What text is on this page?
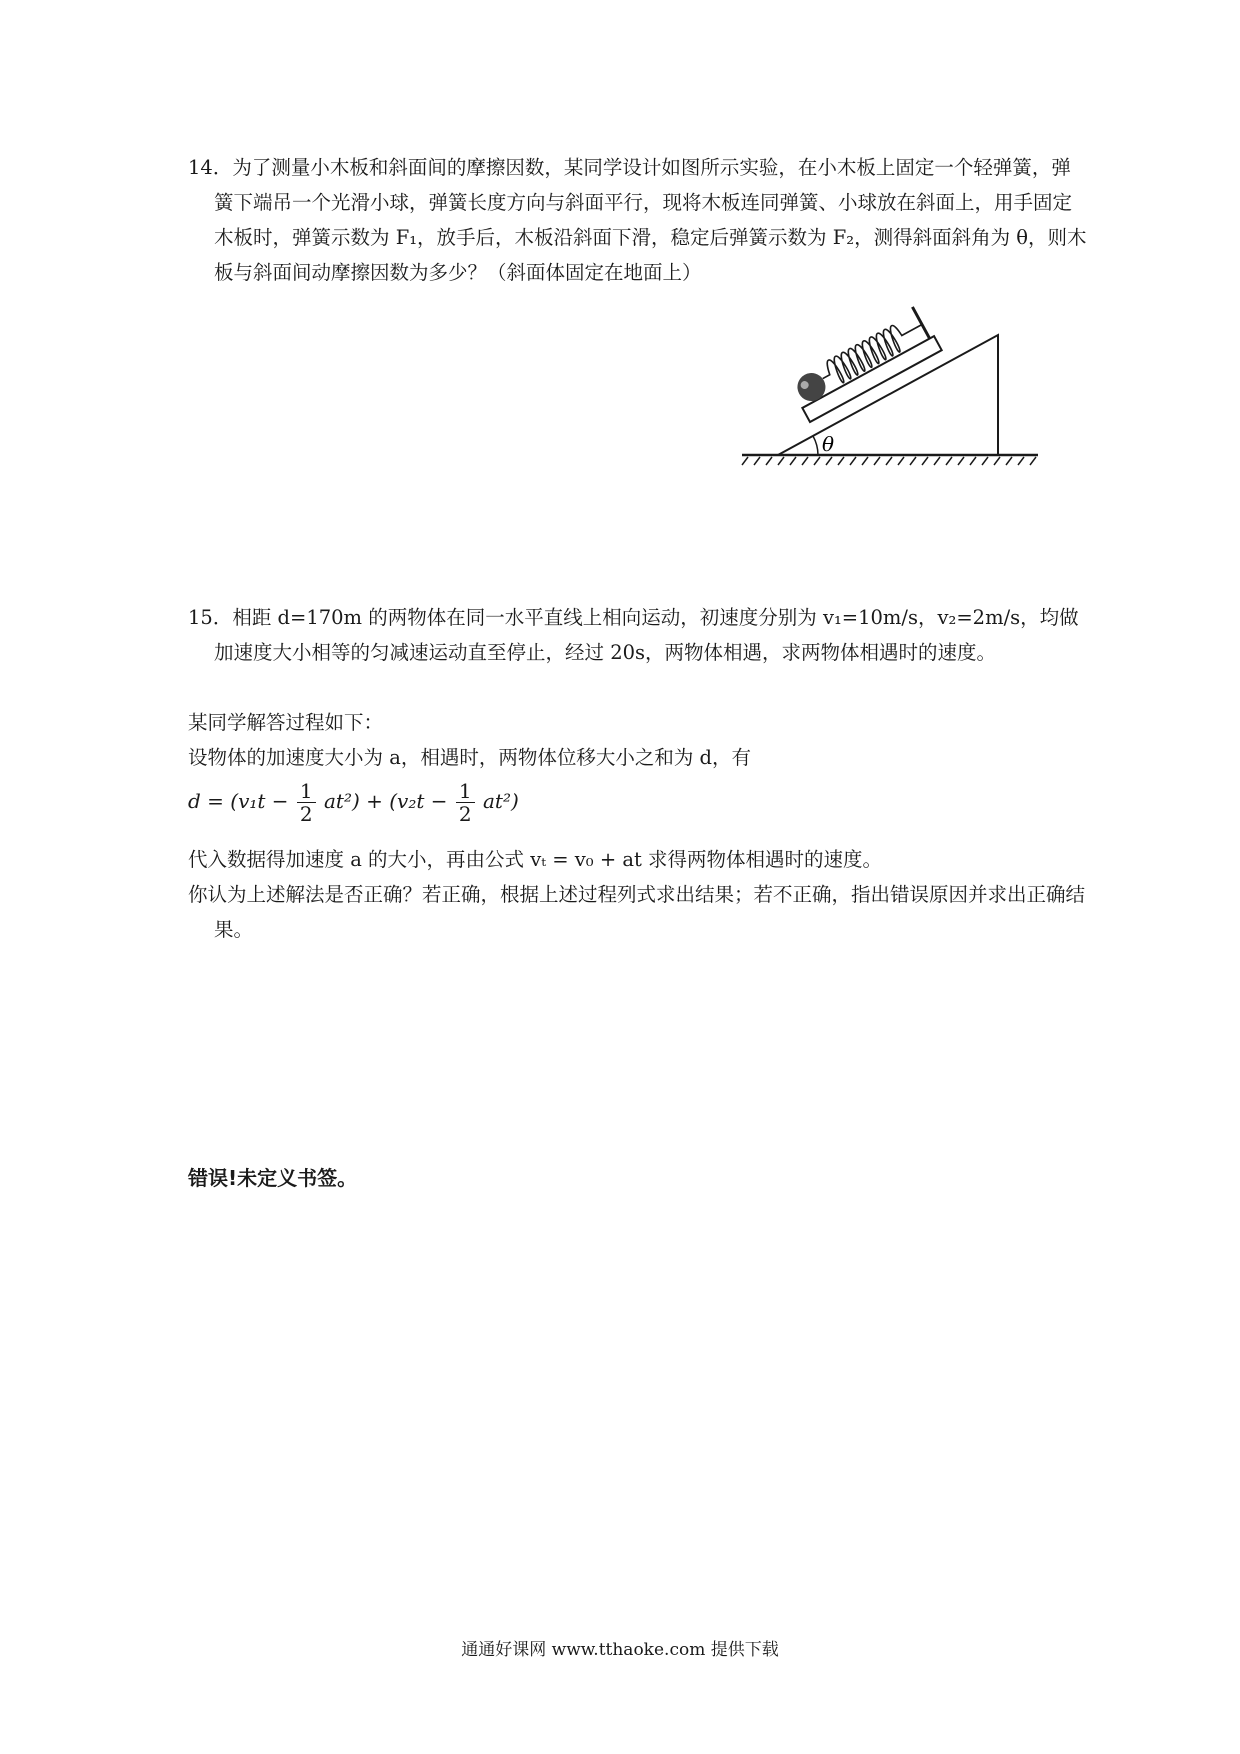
14．为了测量小木板和斜面间的摩擦因数，某同学设计如图所示实验，在小木板上固定一个轻弹簧，弹簧下端吊一个光滑小球，弹簧长度方向与斜面平行，现将木板连同弹簧、小球放在斜面上，用手固定木板时，弹簧示数为 F₁，放手后，木板沿斜面下滑，稳定后弹簧示数为 F₂，测得斜面斜角为 θ，则木板与斜面间动摩擦因数为多少？（斜面体固定在地面上）
θ
15．相距 d=170m 的两物体在同一水平直线上相向运动，初速度分别为 v₁=10m/s，v₂=2m/s，均做加速度大小相等的匀减速运动直至停止，经过 20s，两物体相遇，求两物体相遇时的速度。
某同学解答过程如下：
设物体的加速度大小为 a，相遇时，两物体位移大小之和为 d，有
$d = (v_1t - \frac{1}{2} at^2) + (v_2t - \frac{1}{2} at^2)$
代入数据得加速度 a 的大小，再由公式 vₜ = v₀ + at 求得两物体相遇时的速度。
你认为上述解法是否正确？若正确，根据上述过程列式求出结果；若不正确，指出错误原因并求出正确结果。
错误!未定义书签。
通通好课网 www.tthaoke.com 提供下载
